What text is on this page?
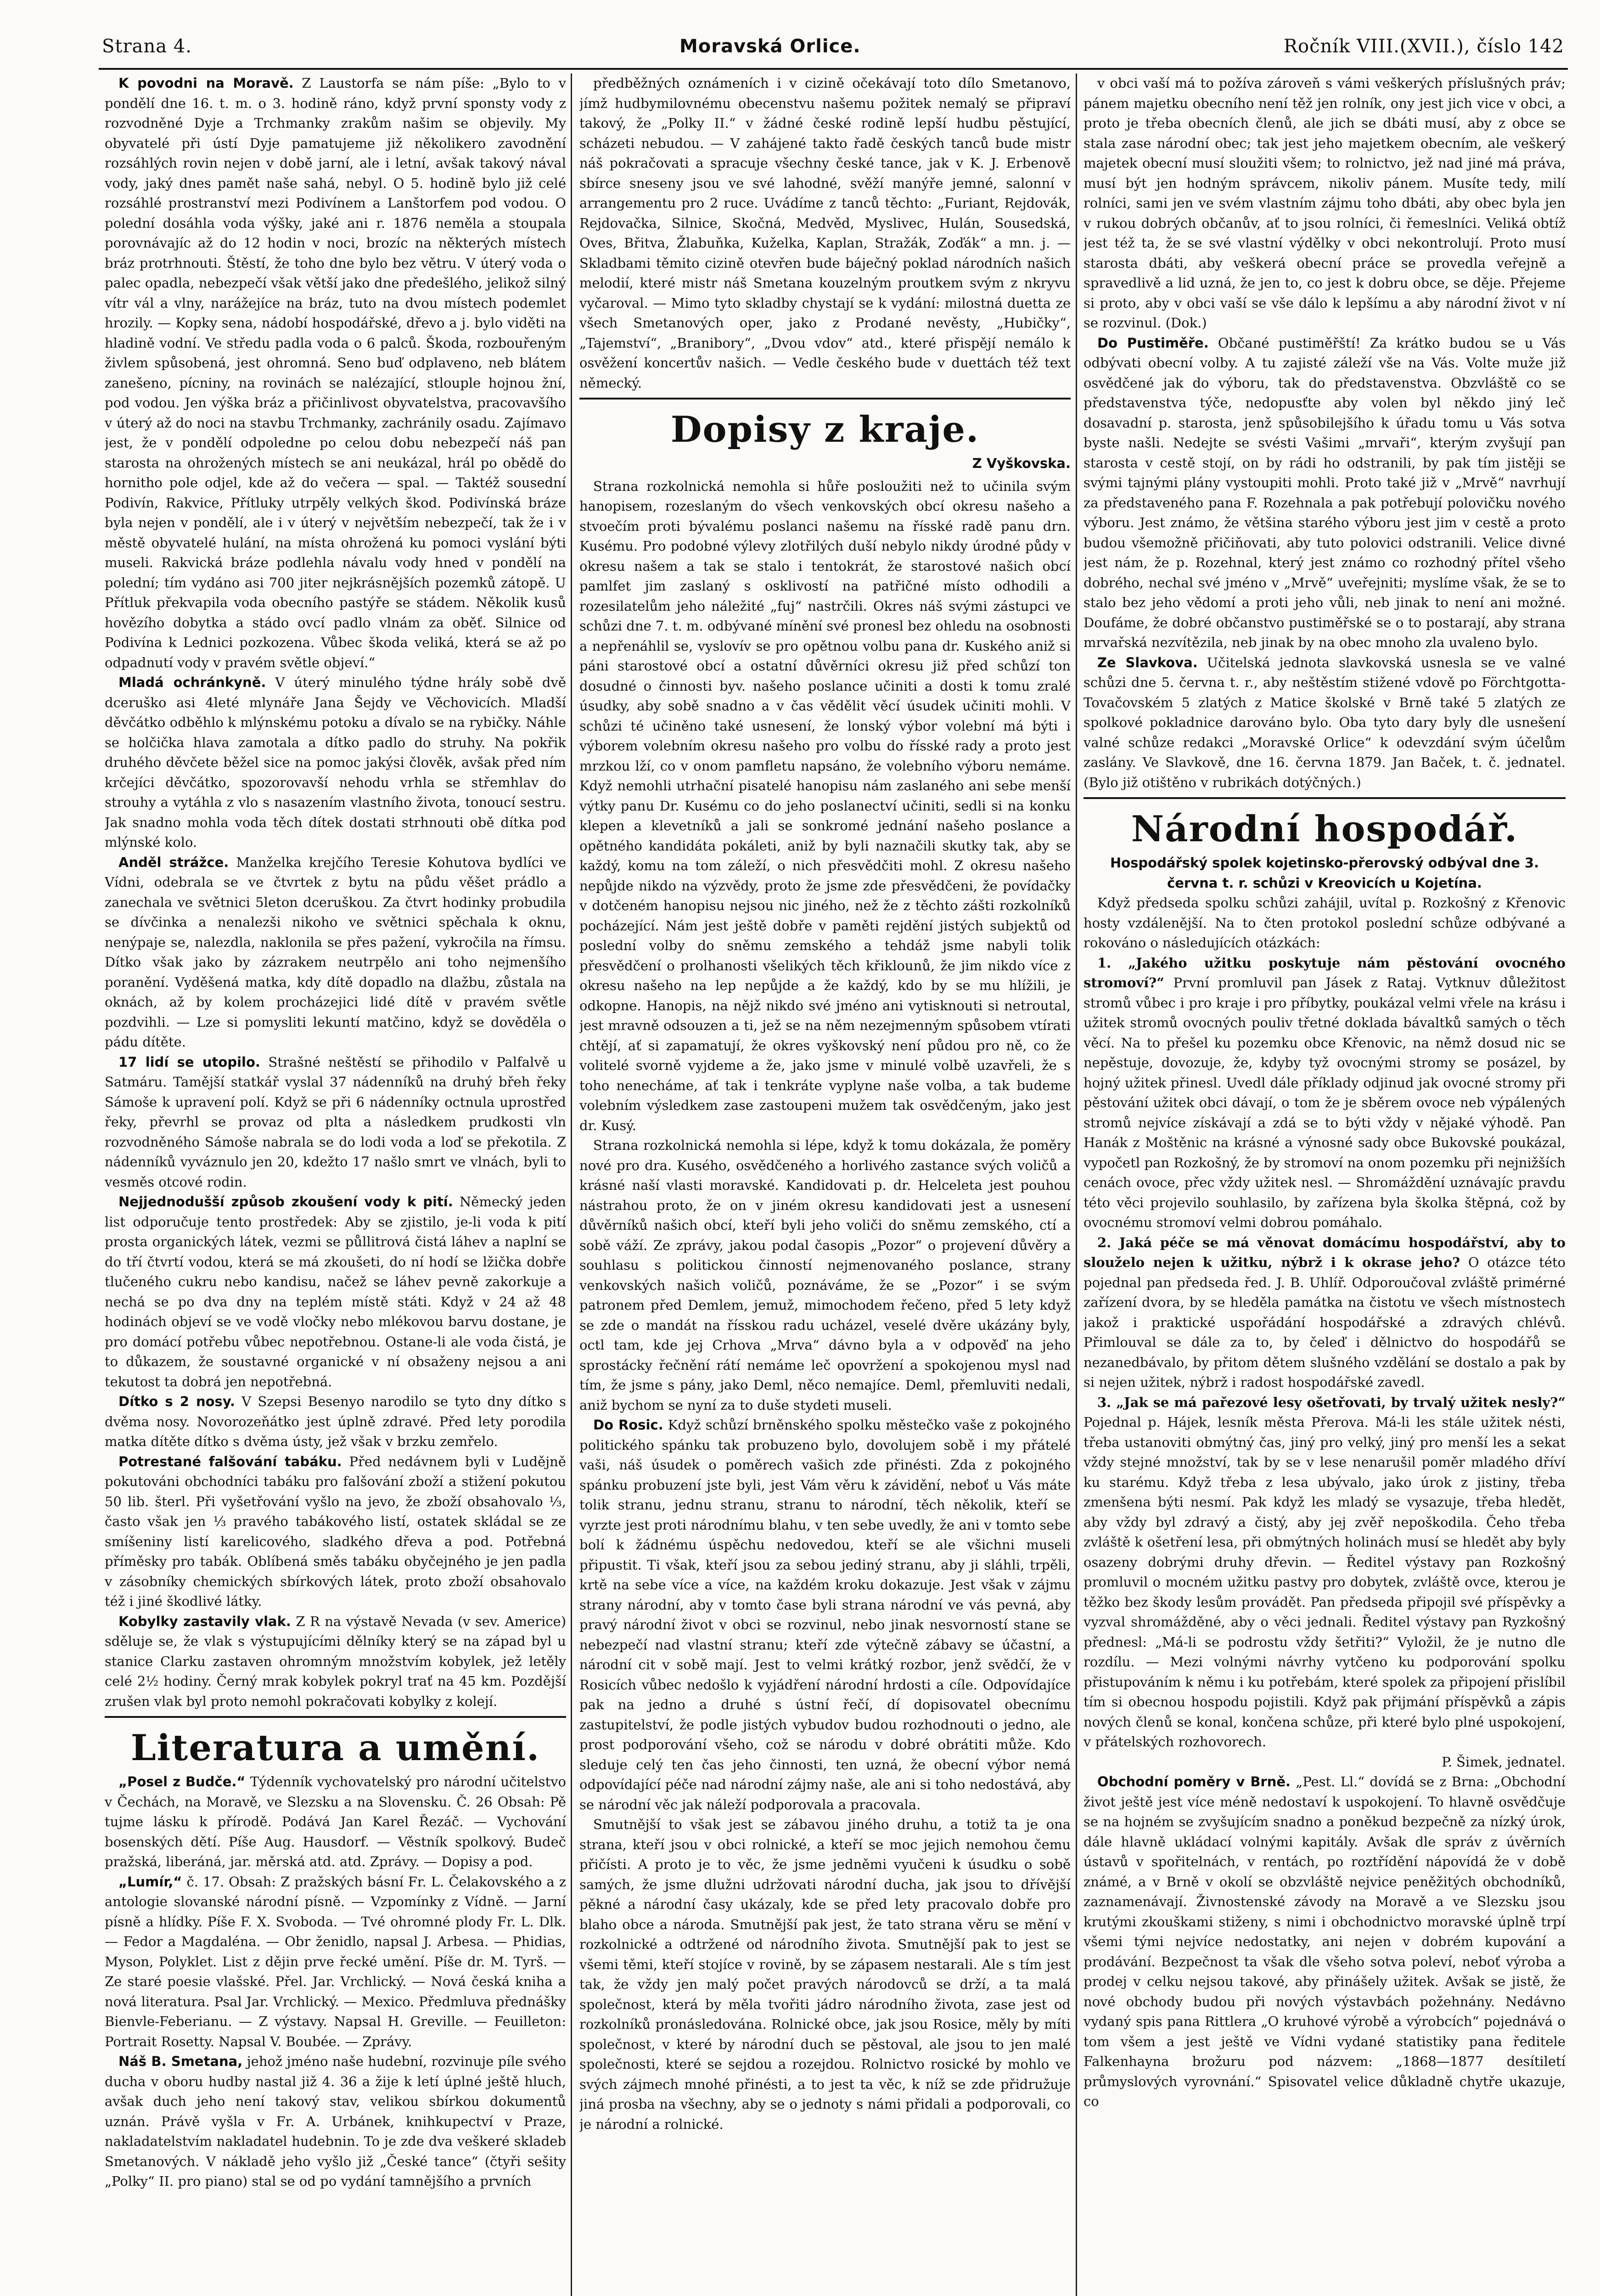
Strana 4.	Moravská Orlice.	Ročník VIII.(XVII.), číslo 142

K povodni na Moravě. Z Laustorfa se nám píše: „Bylo to v pondělí dne 16. t. m. o 3. hodině ráno, když první sponsty vody z rozvodněné Dyje a Trchmanky zrakům našim se objevily. My obyvatelé při ústí Dyje pamatujeme již několikero zavodnění rozsáhlých rovin nejen v době jarní, ale i letní, avšak takový nával vody, jaký dnes pamět naše sahá, nebyl. O 5. hodině bylo již celé rozsáhlé prostranství mezi Podivínem a Lanštorfem pod vodou. O polední dosáhla voda výšky, jaké ani r. 1876 neměla a stoupala porovnávajíc až do 12 hodin v noci, brozíc na některých místech bráz protrhnouti. Štěstí, že toho dne bylo bez větru. V úterý voda o palec opadla, nebezpečí však větší jako dne předešlého, jelikož silný vítr vál a vlny, narážejíce na bráz, tuto na dvou místech podemlet hrozily. — Kopky sena, nádobí hospodářské, dřevo a j. bylo viděti na hladině vodní. Ve středu padla voda o 6 palců. Škoda, rozbouřeným živlem spůsobená, jest ohromná. Seno buď odplaveno, neb blátem zanešeno, pícniny, na rovinách se nalézající, stlouple hojnou žní, pod vodou. Jen výška bráz a přičinlivost obyvatelstva, pracovavšího v úterý až do noci na stavbu Trchmanky, zachránily osadu. Zajímavo jest, že v pondělí odpoledne po celou dobu nebezpečí náš pan starosta na ohrožených místech se ani neukázal, hrál po obědě do hornitho pole odjel, kde až do večera — spal. — Taktéž sousední Podivín, Rakvice, Přítluky utrpěly velkých škod. Podivínská bráze byla nejen v pondělí, ale i v úterý v největším nebezpečí, tak že i v městě obyvatelé hulání, na místa ohrožená ku pomoci vyslání býti museli. Rakvická bráze podlehla návalu vody hned v pondělí na polední; tím vydáno asi 700 jiter nejkrásnějších pozemků zátopě. U Přítluk překvapila voda obecního pastýře se stádem. Několik kusů hovězího dobytka a stádo ovcí padlo vlnám za oběť. Silnice od Podivína k Lednici pozkozena. Vůbec škoda veliká, která se až po odpadnutí vody v pravém světle objeví.“

Mladá ochránkyně. V úterý minulého týdne hrály sobě dvě dceruško asi 4leté mlynáře Jana Šejdy ve Věchovicích. Mladší děvčátko odběhlo k mlýnskému potoku a dívalo se na rybičky. Náhle se holčička hlava zamotala a dítko padlo do struhy. Na pokřik druhého děvčete běžel sice na pomoc jakýsi člověk, avšak před ním krčejíci děvčátko, spozorovavší nehodu vrhla se střemhlav do strouhy a vytáhla z vlo s nasazením vlastního života, tonoucí sestru. Jak snadno mohla voda těch dítek dostati strhnouti obě dítka pod mlýnské kolo.

Anděl strážce. Manželka krejčího Teresie Kohutova bydlíci ve Vídni, odebrala se ve čtvrtek z bytu na půdu věšet prádlo a zanechala ve světnici 5leton dceruškou. Za čtvrt hodinky probudila se dívčinka a nenalezši nikoho ve světnici spěchala k oknu, nenýpaje se, nalezdla, naklonila se přes pažení, vykročila na římsu. Dítko však jako by zázrakem neutrpělo ani toho nejmenšího poranění. Vyděšená matka, kdy dítě dopadlo na dlažbu, zůstala na oknách, až by kolem procházejici lidé dítě v pravém světle pozdvihli. — Lze si pomysliti lekuntí matčino, když se dověděla o pádu dítěte.

17 lidí se utopilo. Strašné neštěstí se přihodilo v Palfalvě u Satmáru. Tamější statkář vyslal 37 nádenníků na druhý břeh řeky Sámoše k upravení polí. Když se při 6 nádenníky octnula uprostřed řeky, převrhl se provaz od plta a následkem prudkosti vln rozvodněného Sámoše nabrala se do lodi voda a loď se překotila. Z nádenníků vyváznulo jen 20, kdežto 17 našlo smrt ve vlnách, byli to vesměs otcové rodin.

Nejjednodušší způsob zkoušení vody k pití. Německý jeden list odporučuje tento prostředek: Aby se zjistilo, je-li voda k pití prosta organických látek, vezmi se půllitrová čistá láhev a naplní se do tří čtvrtí vodou, která se má zkoušeti, do ní hodí se lžička dobře tlučeného cukru nebo kandisu, načež se láhev pevně zakorkuje a nechá se po dva dny na teplém místě státi. Když v 24 až 48 hodinách objeví se ve vodě vločky nebo mlékovou barvu dostane, je pro domácí potřebu vůbec nepotřebnou. Ostane-li ale voda čistá, je to důkazem, že soustavné organické v ní obsaženy nejsou a ani tekutost ta dobrá jen nepotřebná.

Dítko s 2 nosy. V Szepsi Besenyo narodilo se tyto dny dítko s dvěma nosy. Novorozeňátko jest úplně zdravé. Před lety porodila matka dítěte dítko s dvěma ústy, jež však v brzku zemřelo.

Potrestané falšování tabáku. Před nedávnem byli v Ludějně pokutováni obchodníci tabáku pro falšování zboží a stižení pokutou 50 lib. šterl. Při vyšetřování vyšlo na jevo, že zboží obsahovalo ⅓, často však jen ⅓ pravého tabákového listí, ostatek skládal se ze smíšeniny listí karelicového, sladkého dřeva a pod. Potřebná příměsky pro tabák. Oblíbená směs tabáku obyčejného je jen padla v zásobníky chemických sbírkových látek, proto zboží obsahovalo též i jiné škodlivé látky.

Kobylky zastavily vlak. Z R na výstavě Nevada (v sev. Americe) sděluje se, že vlak s výstupujícími dělníky který se na západ byl u stanice Clarku zastaven ohromným množstvím kobylek, jež letěly celé 2½ hodiny. Černý mrak kobylek pokryl trať na 45 km. Pozdější zrušen vlak byl proto nemohl pokračovati kobylky z kolejí.

Literatura a umění.

„Posel z Budče.“ Týdenník vychovatelský pro národní učitelstvo v Čechách, na Moravě, ve Slezsku a na Slovensku. Č. 26 Obsah: Pě tujme lásku k přírodě. Podává Jan Karel Řezáč. — Vychování bosenských dětí. Píše Aug. Hausdorf. — Věstník spolkový. Budeč pražská, liberáná, jar. měrská atd. atd. Zprávy. — Dopisy a pod.

„Lumír,“ č. 17. Obsah: Z pražských básní Fr. L. Čelakovského a z antologie slovanské národní písně. — Vzpomínky z Vídně. — Jarní písně a hlídky. Píše F. X. Svoboda. — Tvé ohromné plody Fr. L. Dlk. — Fedor a Magdaléna. — Obr ženidlo, napsal J. Arbesa. — Phidias, Myson, Polyklet. List z dějin prve řecké umění. Píše dr. M. Tyrš. — Ze staré poesie vlašské. Přel. Jar. Vrchlický. — Nová česká kniha a nová literatura. Psal Jar. Vrchlický. — Mexico. Předmluva přednášky Bienvle-Feberianu. — Z výstavy. Napsal H. Greville. — Feuilleton: Portrait Rosetty. Napsal V. Boubée. — Zprávy.

Náš B. Smetana, jehož jméno naše hudební, rozvinuje píle svého ducha v oboru hudby nastal již 4. 36 a žije k letí úplné ještě hluch, avšak duch jeho není takový stav, velikou sbírkou dokumentů uznán. Právě vyšla v Fr. A. Urbánek, knihkupectví v Praze, nakladatelstvím nakladatel hudebnin. To je zde dva veškeré skladeb Smetanových. V nákladě jeho vyšlo již „České tance“ (čtyři sešity „Polky“ II. pro piano) stal se od po vydání tamnějšího a prvních

předběžných oznámeních i v cizině očekávají toto dílo Smetanovo, jímž hudbymilovnému obecenstvu našemu požitek nemalý se připraví takový, že „Polky II.“ v žádné české rodině lepší hudbu pěstující, scházeti nebudou. — V zahájené takto řadě českých tanců bude mistr náš pokračovati a spracuje všechny české tance, jak v K. J. Erbenově sbírce sneseny jsou ve své lahodné, svěží manýře jemné, salonní v arrangementu pro 2 ruce. Uvádíme z tanců těchto: „Furiant, Rejdovák, Rejdovačka, Silnice, Skočná, Medvěd, Myslivec, Hulán, Sousedská, Oves, Břitva, Žlabuňka, Kuželka, Kaplan, Stražák, Zoďák“ a mn. j. — Skladbami těmito cizině otevřen bude báječný poklad národních našich melodií, které mistr náš Smetana kouzelným proutkem svým z nkryvu vyčaroval. — Mimo tyto skladby chystají se k vydání: milostná duetta ze všech Smetanových oper, jako z Prodané nevěsty, „Hubičky“, „Tajemství“, „Branibory“, „Dvou vdov“ atd., které přispějí nemálo k osvěžení koncertův našich. — Vedle českého bude v duettách též text německý.

Dopisy z kraje.
Z Vyškovska.

Strana rozkolnická nemohla si hůře posloužiti než to učinila svým hanopisem, rozeslaným do všech venkovských obcí okresu našeho a stvoečím proti bývalému poslanci našemu na řísské radě panu drn. Kusému. Pro podobné výlevy zlotřilých duší nebylo nikdy úrodné půdy v okresu našem a tak se stalo i tentokrát, že starostové našich obcí pamlfet jim zaslaný s osklivostí na patřičné místo odhodili a rozesilatelům jeho náležité „fuj“ nastrčili. Okres náš svými zástupci ve schůzi dne 7. t. m. odbývané mínění své pronesl bez ohledu na osobnosti a nepřenáhlil se, vyslovív se pro opětnou volbu pana dr. Kuského aniž si páni starostové obcí a ostatní důvěrníci okresu již před schůzí ton dosudné o činnosti byv. našeho poslance učiniti a dosti k tomu zralé úsudky, aby sobě snadno a v čas vědělit věcí úsudek učiniti mohli. V schůzi té učiněno také usnesení, že lonský výbor volební má býti i výborem volebním okresu našeho pro volbu do řísské rady a proto jest mrzkou lží, co v onom pamfletu napsáno, že volebního výboru nemáme. Když nemohli utrhační pisatelé hanopisu nám zaslaného ani sebe menší výtky panu Dr. Kusému co do jeho poslanectví učiniti, sedli si na konku klepen a klevetníků a jali se sonkromé jednání našeho poslance a opětného kandidáta pokáleti, aniž by byli naznačili skutky tak, aby se každý, komu na tom záleží, o nich přesvědčiti mohl. Z okresu našeho nepůjde nikdo na výzvědy, proto že jsme zde přesvědčeni, že povídačky v dotčeném hanopisu nejsou nic jiného, než že z těchto zášti rozkolníků pocházející. Nám jest ještě dobře v paměti rejdění jistých subjektů od poslední volby do sněmu zemského a tehdáž jsme nabyli tolik přesvědčení o prolhanosti všelikých těch křiklounů, že jim nikdo více z okresu našeho na lep nepůjde a že každý, kdo by se mu hlížili, je odkopne. Hanopis, na nějž nikdo své jméno ani vytisknouti si netroutal, jest mravně odsouzen a ti, jež se na něm nezejmenným spůsobem vtírati chtějí, ať si zapamatují, že okres vyškovský není půdou pro ně, co že volitelé svorně vyjdeme a že, jako jsme v minulé volbě uzavřeli, že s toho nenecháme, ať tak i tenkráte vyplyne naše volba, a tak budeme volebním výsledkem zase zastoupeni mužem tak osvědčeným, jako jest dr. Kusý.

Strana rozkolnická nemohla si lépe, když k tomu dokázala, že poměry nové pro dra. Kusého, osvědčeného a horlivého zastance svých voličů a krásné naší vlasti moravské. Kandidovati p. dr. Helceleta jest pouhou nástrahou proto, že on v jiném okresu kandidovati jest a usnesení důvěrníků našich obcí, kteří byli jeho voliči do sněmu zemského, ctí a sobě váží. Ze zprávy, jakou podal časopis „Pozor“ o projevení důvěry a souhlasu s politickou činností nejmenovaného poslance, strany venkovských našich voličů, poznáváme, že se „Pozor“ i se svým patronem před Demlem, jemuž, mimochodem řečeno, před 5 lety když se zde o mandát na řísskou radu ucházel, veselé dvěre ukázány byly, octl tam, kde jej Crhova „Mrva“ dávno byla a v odpověď na jeho sprostácky řečnění rátí nemáme leč opovržení a spokojenou mysl nad tím, že jsme s pány, jako Deml, něco nemajíce. Deml, přemluviti nedali, aniž bychom se nyní za to duše stydeti museli.

Do Rosic. Když schůzí brněnského spolku městečko vaše z pokojného politického spánku tak probuzeno bylo, dovolujem sobě i my přátelé vaši, náš úsudek o poměrech vašich zde přinésti. Zda z pokojného spánku probuzení jste byli, jest Vám věru k závidění, neboť u Vás máte tolik stranu, jednu stranu, stranu to národní, těch několik, kteří se vyrzte jest proti národnímu blahu, v ten sebe uvedly, že ani v tomto sebe bolí k žádnému úspěchu nedovedou, kteří se ale všichni museli připustit. Ti však, kteří jsou za sebou jediný stranu, aby ji sláhli, trpěli, krtě na sebe více a více, na každém kroku dokazuje. Jest však v zájmu strany národní, aby v tomto čase byli strana národní ve vás pevná, aby pravý národní život v obci se rozvinul, nebo jinak nesvorností stane se nebezpečí nad vlastní stranu; kteří zde výtečně zábavy se účastní, a národní cit v sobě mají. Jest to velmi krátký rozbor, jenž svědčí, že v Rosicích vůbec nedošlo k vyjádření národní hrdosti a cíle. Odpovídajíce pak na jedno a druhé s ústní řečí, dí dopisovatel obecnímu zastupitelství, že podle jistých vybudov budou rozhodnouti o jedno, ale prost podporování všeho, což se národu v dobré obrátiti může. Kdo sleduje celý ten čas jeho činnosti, ten uzná, že obecní výbor nemá odpovídající péče nad národní zájmy naše, ale ani si toho nedostává, aby se národní věc jak náleží podporovala a pracovala.

Smutnější to však jest se zábavou jiného druhu, a totiž ta je ona strana, kteří jsou v obci rolnické, a kteří se moc jejich nemohou čemu přičísti. A proto je to věc, že jsme jedněmi vyučeni k úsudku o sobě samých, že jsme dlužni udržovati národní ducha, jak jsou to dřívější pěkné a národní časy ukázaly, kde se před lety pracovalo dobře pro blaho obce a národa. Smutnější pak jest, že tato strana věru se mění v rozkolnické a odtržené od národního života. Smutnější pak to jest se všemi těmi, kteří stojíce v rovině, by se zápasem nestarali. Ale s tím jest tak, že vždy jen malý počet pravých národovců se drží, a ta malá společnost, která by měla tvořiti jádro národního života, zase jest od rozkolníků pronásledována. Rolnické obce, jak jsou Rosice, měly by míti společnost, v které by národní duch se pěstoval, ale jsou to jen malé společnosti, které se sejdou a rozejdou. Rolnictvo rosické by mohlo ve svých zájmech mnohé přinésti, a to jest ta věc, k níž se zde přidružuje jiná prosba na všechny, aby se o jednoty s námi přidali a podporovali, co je národní a rolnické.

v obci vaší má to požíva zároveň s vámi veškerých příslušných práv; pánem majetku obecního není těž jen rolník, ony jest jich vice v obci, a proto je třeba obecních členů, ale jich se dbáti musí, aby z obce se stala zase národní obec; tak jest jeho majetkem obecním, ale veškerý majetek obecní musí sloužiti všem; to rolnictvo, jež nad jiné má práva, musí být jen hodným správcem, nikoliv pánem. Musíte tedy, milí rolníci, sami jen ve svém vlastním zájmu toho dbáti, aby obec byla jen v rukou dobrých občanův, ať to jsou rolníci, či řemeslníci. Veliká obtíž jest též ta, že se své vlastní výdělky v obci nekontrolují. Proto musí starosta dbáti, aby veškerá obecní práce se provedla veřejně a spravedlivě a lid uzná, že jen to, co jest k dobru obce, se děje. Přejeme si proto, aby v obci vaší se vše dálo k lepšímu a aby národní život v ní se rozvinul. (Dok.)

Do Pustiměře. Občané pustiměřští! Za krátko budou se u Vás odbývati obecní volby. A tu zajisté záleží vše na Vás. Volte muže již osvědčené jak do výboru, tak do představenstva. Obzvláště co se představenstva týče, nedopusťte aby volen byl někdo jiný leč dosavadní p. starosta, jenž spůsobilejšího k úřadu tomu u Vás sotva byste našli. Nedejte se svésti Vašimi „mrvaři“, kterým zvyšují pan starosta v cestě stojí, on by rádi ho odstranili, by pak tím jistěji se svými tajnými plány vystoupiti mohli. Proto také již v „Mrvě“ navrhují za představeného pana F. Rozehnala a pak potřebují polovičku nového výboru. Jest známo, že většina starého výboru jest jim v cestě a proto budou všemožně přičiňovati, aby tuto polovici odstranili. Velice divné jest nám, že p. Rozehnal, který jest známo co rozhodný přítel všeho dobrého, nechal své jméno v „Mrvě“ uveřejniti; myslíme však, že se to stalo bez jeho vědomí a proti jeho vůli, neb jinak to není ani možné. Doufáme, že dobré občanstvo pustiměřské se o to postarají, aby strana mrvařská nezvítězila, neb jinak by na obec mnoho zla uvaleno bylo.

Ze Slavkova. Učitelská jednota slavkovská usnesla se ve valné schůzi dne 5. června t. r., aby neštěstím stižené vdově po Förchtgotta-Tovačovském 5 zlatých z Matice školské v Brně také 5 zlatých ze spolkové pokladnice darováno bylo. Oba tyto dary byly dle usnešení valné schůze redakci „Moravské Orlice“ k odevzdání svým účelům zaslány. Ve Slavkově, dne 16. června 1879. Jan Baček, t. č. jednatel. (Bylo již otištěno v rubrikách dotýčných.)

Národní hospodář.
Hospodářský spolek kojetinsko-přerovský odbýval dne 3. června t. r. schůzi v Kreovicích u Kojetína.

Když předseda spolku schůzi zahájil, uvítal p. Rozkošný z Křenovic hosty vzdálenější. Na to čten protokol poslední schůze odbývané a rokováno o následujících otázkách:

1. „Jakého užitku poskytuje nám pěstování ovocného stromoví?“ První promluvil pan Jásek z Rataj. Vytknuv důležitost stromů vůbec i pro kraje i pro příbytky, poukázal velmi vřele na krásu i užitek stromů ovocných pouliv třetné doklada bávaltků samých o těch věcí. Na to přešel ku pozemku obce Křenovic, na němž dosud nic se nepěstuje, dovozuje, že, kdyby tyž ovocnými stromy se posázel, by hojný užitek přinesl. Uvedl dále příklady odjinud jak ovocné stromy při pěstování užitek obci dávají, o tom že je sběrem ovoce neb výpálených stromů nejvíce získávají a zdá se to býti vždy v nějaké výhodě. Pan Hanák z Moštěnic na krásné a výnosné sady obce Bukovské poukázal, vypočetl pan Rozkošný, že by stromoví na onom pozemku při nejnižších cenách ovoce, přec vždy užitek nesl. — Shromáždění uznávajíc pravdu této věci projevilo souhlasilo, by zařízena byla školka štěpná, což by ovocnému stromoví velmi dobrou pomáhalo.

2. Jaká péče se má věnovat domácímu hospodářství, aby to slouželo nejen k užitku, nýbrž i k okrase jeho? O otázce této pojednal pan předseda řed. J. B. Uhlíř. Odporoučoval zvláště primérné zařízení dvora, by se hleděla památka na čistotu ve všech místnostech jakož i praktické uspořádání hospodářské a zdravých chlévů. Přimlouval se dále za to, by čeleď i dělnictvo do hospodářů se nezanedbávalo, by přitom dětem slušného vzdělání se dostalo a pak by si nejen užitek, nýbrž i radost hospodářské zavedl.

3. „Jak se má pařezové lesy ošetřovati, by trvalý užitek nesly?“ Pojednal p. Hájek, lesník města Přerova. Má-li les stále užitek nésti, třeba ustanoviti obmýtný čas, jiný pro velký, jiný pro menší les a sekat vždy stejné množství, tak by se v lese nenarušil poměr mladého dříví ku starému. Když třeba z lesa ubývalo, jako úrok z jistiny, třeba zmenšena býti nesmí. Pak když les mladý se vysazuje, třeba hledět, aby vždy byl zdravý a čistý, aby jej zvěř nepoškodila. Čeho třeba zvláště k ošetření lesa, při obmýtných holinách musí se hledět aby byly osazeny dobrými druhy dřevin. — Ředitel výstavy pan Rozkošný promluvil o mocném užitku pastvy pro dobytek, zvláště ovce, kterou je těžko bez škody lesům provádět. Pan předseda připojil své příspěvky a vyzval shromážděné, aby o věci jednali. Ředitel výstavy pan Ryzkošný přednesl: „Má-li se podrostu vždy šetřiti?“ Vyložil, že je nutno dle rozdílu. — Mezi volnými návrhy vytčeno ku podporování spolku přistupováním k němu i ku potřebám, které spolek za připojení přislíbil tím si obecnou hospodu pojistili. Když pak přijmání příspěvků a zápis nových členů se konal, končena schůze, při které bylo plné uspokojení, v přátelských rozhovorech.

P. Šimek, jednatel.

Obchodní poměry v Brně. „Pest. Ll.“ dovídá se z Brna: „Obchodní život ještě jest více méně nedostaví k uspokojení. To hlavně osvědčuje se na hojném se zvyšujícím snadno a poněkud bezpečně za nízký úrok, dále hlavně ukládací volnými kapitály. Avšak dle správ z úvěrních ústavů v spořitelnách, v rentách, po roztřídění nápovídá že v době známé, a v Brně v okolí se obzvláště nejvice peněžitých obchodníků, zaznamenávají. Živnostenské závody na Moravě a ve Slezsku jsou krutými zkouškami stiženy, s nimi i obchodnictvo moravské úplně trpí všemi tými nejvíce nedostatky, ani nejen v dobrém kupování a prodávání. Bezpečnost ta však dle všeho sotva poleví, neboť výroba a prodej v celku nejsou takové, aby přinášely užitek. Avšak se jistě, že nové obchody budou při nových výstavbách požehnány. Nedávno vydaný spis pana Rittlera „O kruhové výrobě a výrobcích“ pojednává o tom všem a jest ještě ve Vídni vydané statistiky pana ředitele Falkenhayna brožuru pod názvem: „1868—1877 desítiletí průmyslových vyrovnání.“ Spisovatel velice důkladně chytře ukazuje, co
